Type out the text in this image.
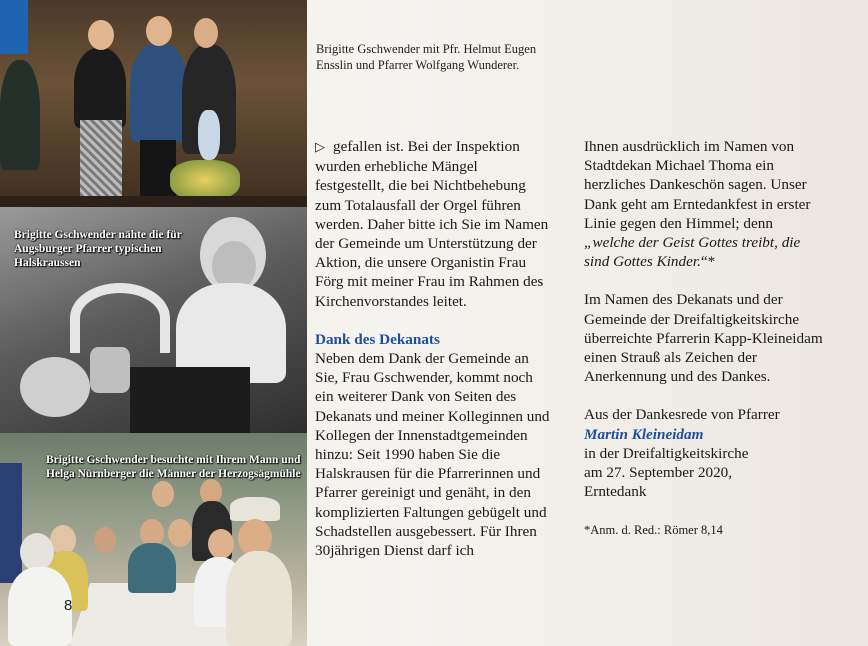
Brigitte Gschwender nähte die für Augsburger Pfarrer typischen Halskraussen
Brigitte Gschwender besuchte mit Ihrem Mann und Helga Nürnberger die Männer der Herzogsägmühle
8
Brigitte Gschwender mit Pfr. Helmut Eugen Ensslin und Pfarrer Wolfgang Wunderer.

▷ gefallen ist. Bei der Inspektion wurden erhebliche Mängel festgestellt, die bei Nichtbehebung zum Totalausfall der Orgel führen werden. Daher bitte ich Sie im Namen der Gemeinde um Unterstützung der Aktion, die unsere Organistin Frau Förg mit meiner Frau im Rahmen des Kirchenvorstandes leitet.

Dank des Dekanats

Neben dem Dank der Gemeinde an Sie, Frau Gschwender, kommt noch ein weiterer Dank von Seiten des Dekanats und meiner Kolleginnen und Kollegen der Innenstadtgemeinden hinzu: Seit 1990 haben Sie die Halskrausen für die Pfarrerinnen und Pfarrer gereinigt und genäht, in den komplizierten Faltungen gebügelt und Schadstellen ausgebessert. Für Ihren 30jährigen Dienst darf ich

Ihnen ausdrücklich im Namen von Stadtdekan Michael Thoma ein herzliches Dankeschön sagen. Unser Dank geht am Erntedankfest in erster Linie gegen den Himmel; denn „welche der Geist Gottes treibt, die sind Gottes Kinder.“*

Im Namen des Dekanats und der Gemeinde der Dreifaltigkeitskirche überreichte Pfarrerin Kapp-Kleineidam einen Strauß als Zeichen der Anerkennung und des Dankes.

Aus der Dankesrede von Pfarrer Martin Kleineidam
in der Dreifaltigkeitskirche
am 27. September 2020,
Erntedank

*Anm. d. Red.: Römer 8,14
